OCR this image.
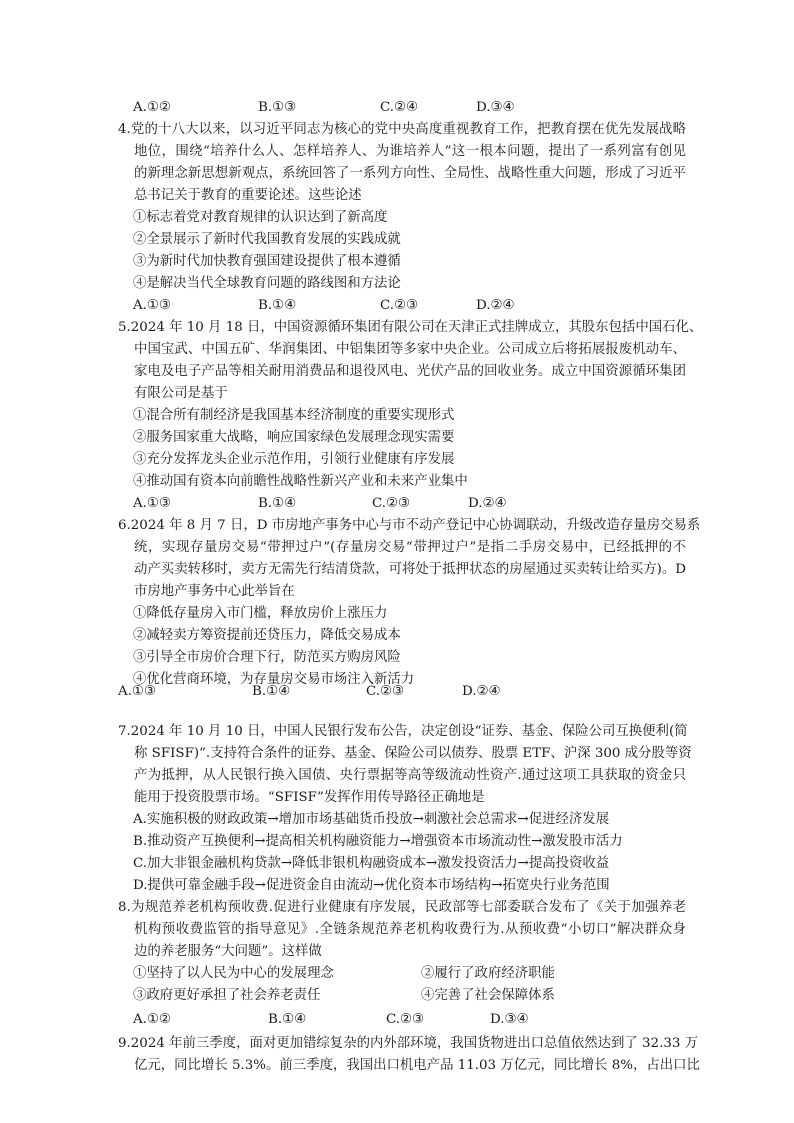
A.①②	B.①③	C.②④	D.③④
4.党的十八大以来，以习近平同志为核心的党中央高度重视教育工作，把教育摆在优先发展战略
地位，围绕“培养什么人、怎样培养人、为谁培养人”这一根本问题，提出了一系列富有创见
的新理念新思想新观点，系统回答了一系列方向性、全局性、战略性重大问题，形成了习近平
总书记关于教育的重要论述。这些论述
①标志着党对教育规律的认识达到了新高度
②全景展示了新时代我国教育发展的实践成就
③为新时代加快教育强国建设提供了根本遵循
④是解决当代全球教育问题的路线图和方法论
A.①③	B.①④	C.②③	D.②④
5.2024 年 10 月 18 日，中国资源循环集团有限公司在天津正式挂牌成立，其股东包括中国石化、
中国宝武、中国五矿、华润集团、中铝集团等多家中央企业。公司成立后将拓展报废机动车、
家电及电子产品等相关耐用消费品和退役风电、光伏产品的回收业务。成立中国资源循环集团
有限公司是基于
①混合所有制经济是我国基本经济制度的重要实现形式
②服务国家重大战略，响应国家绿色发展理念现实需要
③充分发挥龙头企业示范作用，引领行业健康有序发展
④推动国有资本向前瞻性战略性新兴产业和未来产业集中
A.①③	B.①④	C.②③	D.②④
6.2024 年 8 月 7 日，D 市房地产事务中心与市不动产登记中心协调联动，升级改造存量房交易系
统，实现存量房交易“带押过户”(存量房交易“带押过户”是指二手房交易中，已经抵押的不
动产买卖转移时，卖方无需先行结清贷款，可将处于抵押状态的房屋通过买卖转让给买方)。D
市房地产事务中心此举旨在
①降低存量房入市门槛，释放房价上涨压力
②减轻卖方筹资提前还贷压力，降低交易成本
③引导全市房价合理下行，防范买方购房风险
④优化营商环境，为存量房交易市场注入新活力
A.①③	B.①④	C.②③	D.②④
7.2024 年 10 月 10 日，中国人民银行发布公告，决定创设“证券、基金、保险公司互换便利(简
称 SFISF)”.支持符合条件的证券、基金、保险公司以债券、股票 ETF、沪深 300 成分股等资
产为抵押，从人民银行换入国债、央行票据等高等级流动性资产.通过这项工具获取的资金只
能用于投资股票市场。“SFISF”发挥作用传导路径正确地是
A.实施积极的财政政策→增加市场基础货币投放→刺激社会总需求→促进经济发展
B.推动资产互换便利→提高相关机构融资能力→增强资本市场流动性→激发股市活力
C.加大非银金融机构贷款→降低非银机构融资成本→激发投资活力→提高投资收益
D.提供可靠金融手段→促进资金自由流动→优化资本市场结构→拓宽央行业务范围
8.为规范养老机构预收费.促进行业健康有序发展，民政部等七部委联合发布了《关于加强养老
机构预收费监管的指导意见》.全链条规范养老机构收费行为.从预收费“小切口”解决群众身
边的养老服务“大问题”。这样做
①坚持了以人民为中心的发展理念	②履行了政府经济职能
③政府更好承担了社会养老责任	④完善了社会保障体系
A.①②	B.①④	C.②③	D.③④
9.2024 年前三季度，面对更加错综复杂的内外部环境，我国货物进出口总值依然达到了 32.33 万
亿元，同比增长 5.3%。前三季度，我国出口机电产品 11.03 万亿元，同比增长 8%，占出口比
